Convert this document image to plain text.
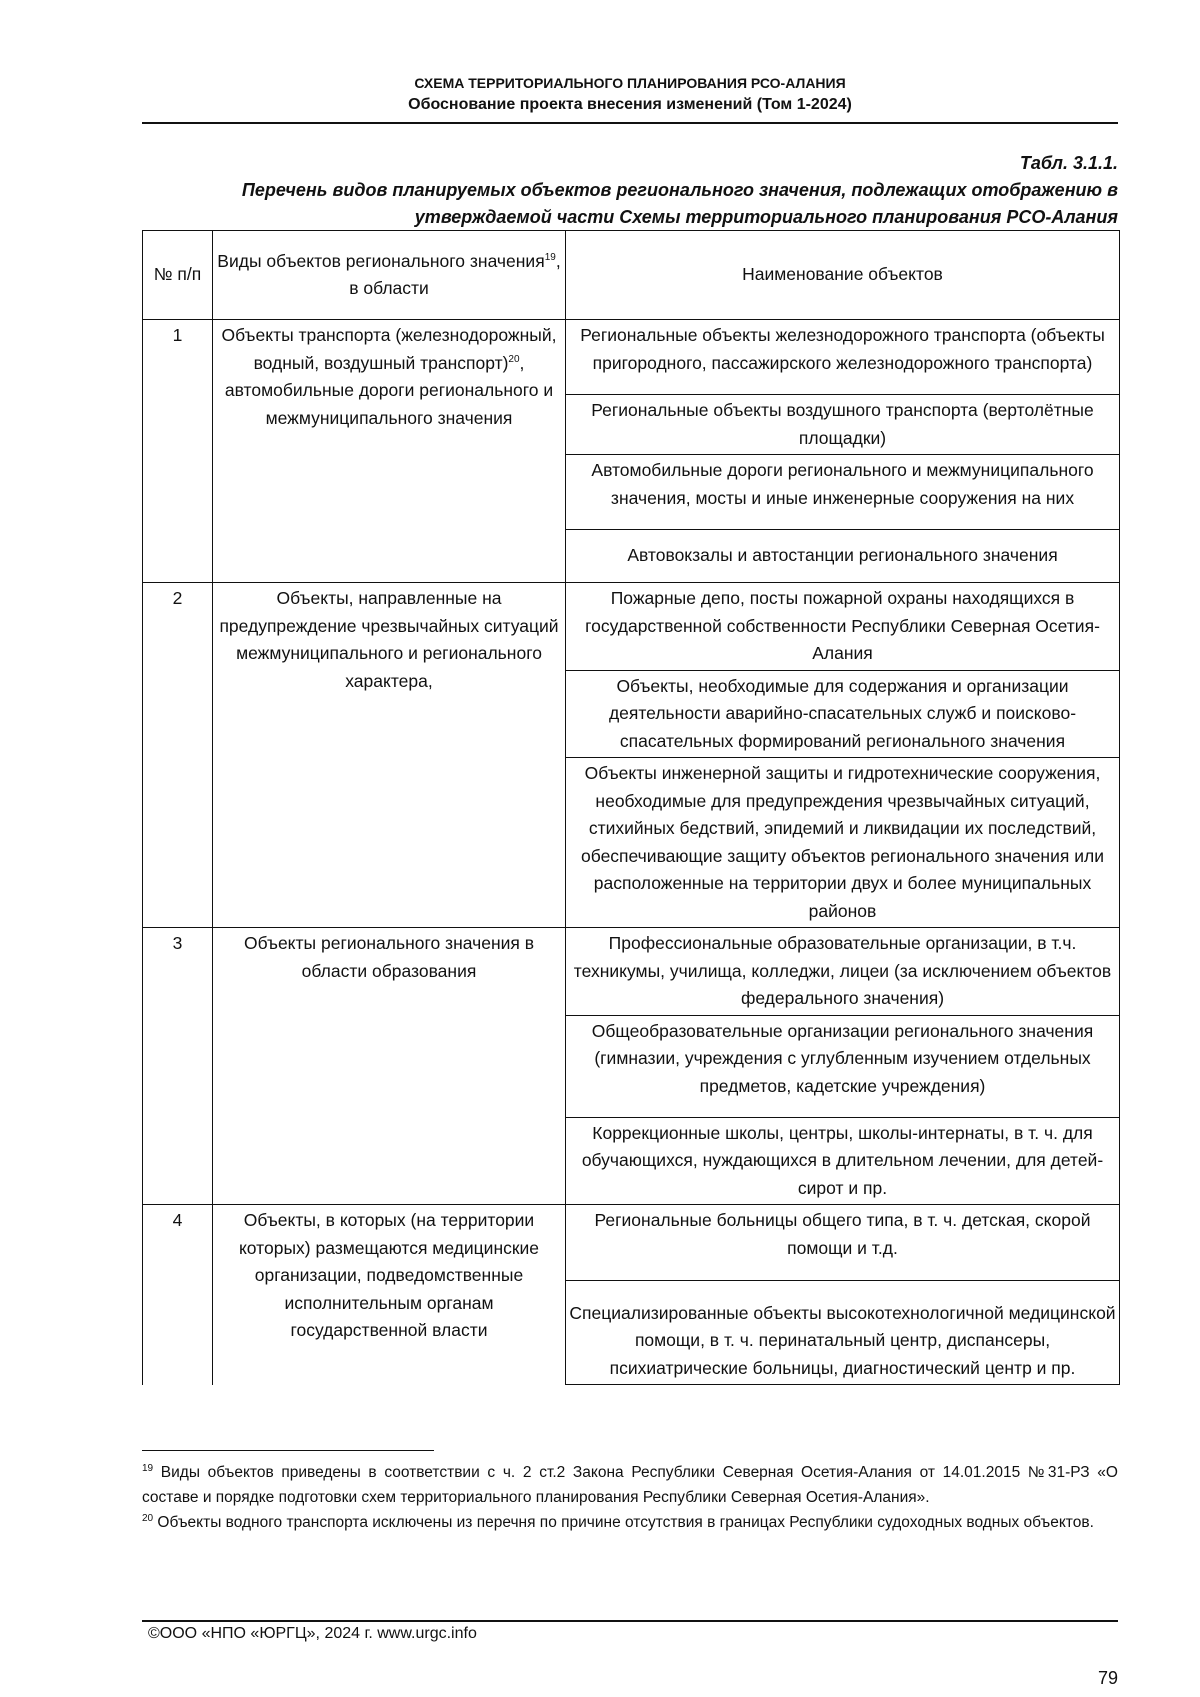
СХЕМА ТЕРРИТОРИАЛЬНОГО ПЛАНИРОВАНИЯ РСО-АЛАНИЯ
Обоснование проекта внесения изменений (Том 1-2024)
Табл. 3.1.1.
Перечень видов планируемых объектов регионального значения, подлежащих отображению в утверждаемой части Схемы территориального планирования РСО-Алания
№ п/п	Виды объектов регионального значения$^{19}$, в области	Наименование объектов
1	Объекты транспорта (железнодорожный, водный, воздушный транспорт)$^{20}$, автомобильные дороги регионального и межмуниципального значения	Региональные объекты железнодорожного транспорта (объекты пригородного, пассажирского железнодорожного транспорта)
		Региональные объекты воздушного транспорта (вертолётные площадки)
		Автомобильные дороги регионального и межмуниципального значения, мосты и иные инженерные сооружения на них
		Автовокзалы и автостанции регионального значения
2	Объекты, направленные на предупреждение чрезвычайных ситуаций межмуниципального и регионального характера,	Пожарные депо, посты пожарной охраны находящихся в государственной собственности Республики Северная Осетия-Алания
		Объекты, необходимые для содержания и организации деятельности аварийно-спасательных служб и поисково-спасательных формирований регионального значения
		Объекты инженерной защиты и гидротехнические сооружения, необходимые для предупреждения чрезвычайных ситуаций, стихийных бедствий, эпидемий и ликвидации их последствий, обеспечивающие защиту объектов регионального значения или расположенные на территории двух и более муниципальных районов
3	Объекты регионального значения в области образования	Профессиональные образовательные организации, в т.ч. техникумы, училища, колледжи, лицеи (за исключением объектов федерального значения)
		Общеобразовательные организации регионального значения (гимназии, учреждения с углубленным изучением отдельных предметов, кадетские учреждения)
		Коррекционные школы, центры, школы-интернаты, в т. ч. для обучающихся, нуждающихся в длительном лечении, для детей-сирот и пр.
4	Объекты, в которых (на территории которых) размещаются медицинские организации, подведомственные исполнительным органам государственной власти	Региональные больницы общего типа, в т. ч. детская, скорой помощи и т.д.
		Специализированные объекты высокотехнологичной медицинской помощи, в т. ч. перинатальный центр, диспансеры, психиатрические больницы, диагностический центр и пр.

$^{19}$ Виды объектов приведены в соответствии с ч. 2 ст.2 Закона Республики Северная Осетия-Алания от 14.01.2015 №31-РЗ «О составе и порядке подготовки схем территориального планирования Республики Северная Осетия-Алания».

$^{20}$ Объекты водного транспорта исключены из перечня по причине отсутствия в границах Республики судоходных водных объектов.

©ООО «НПО «ЮРГЦ», 2024 г. www.urgc.info
79
